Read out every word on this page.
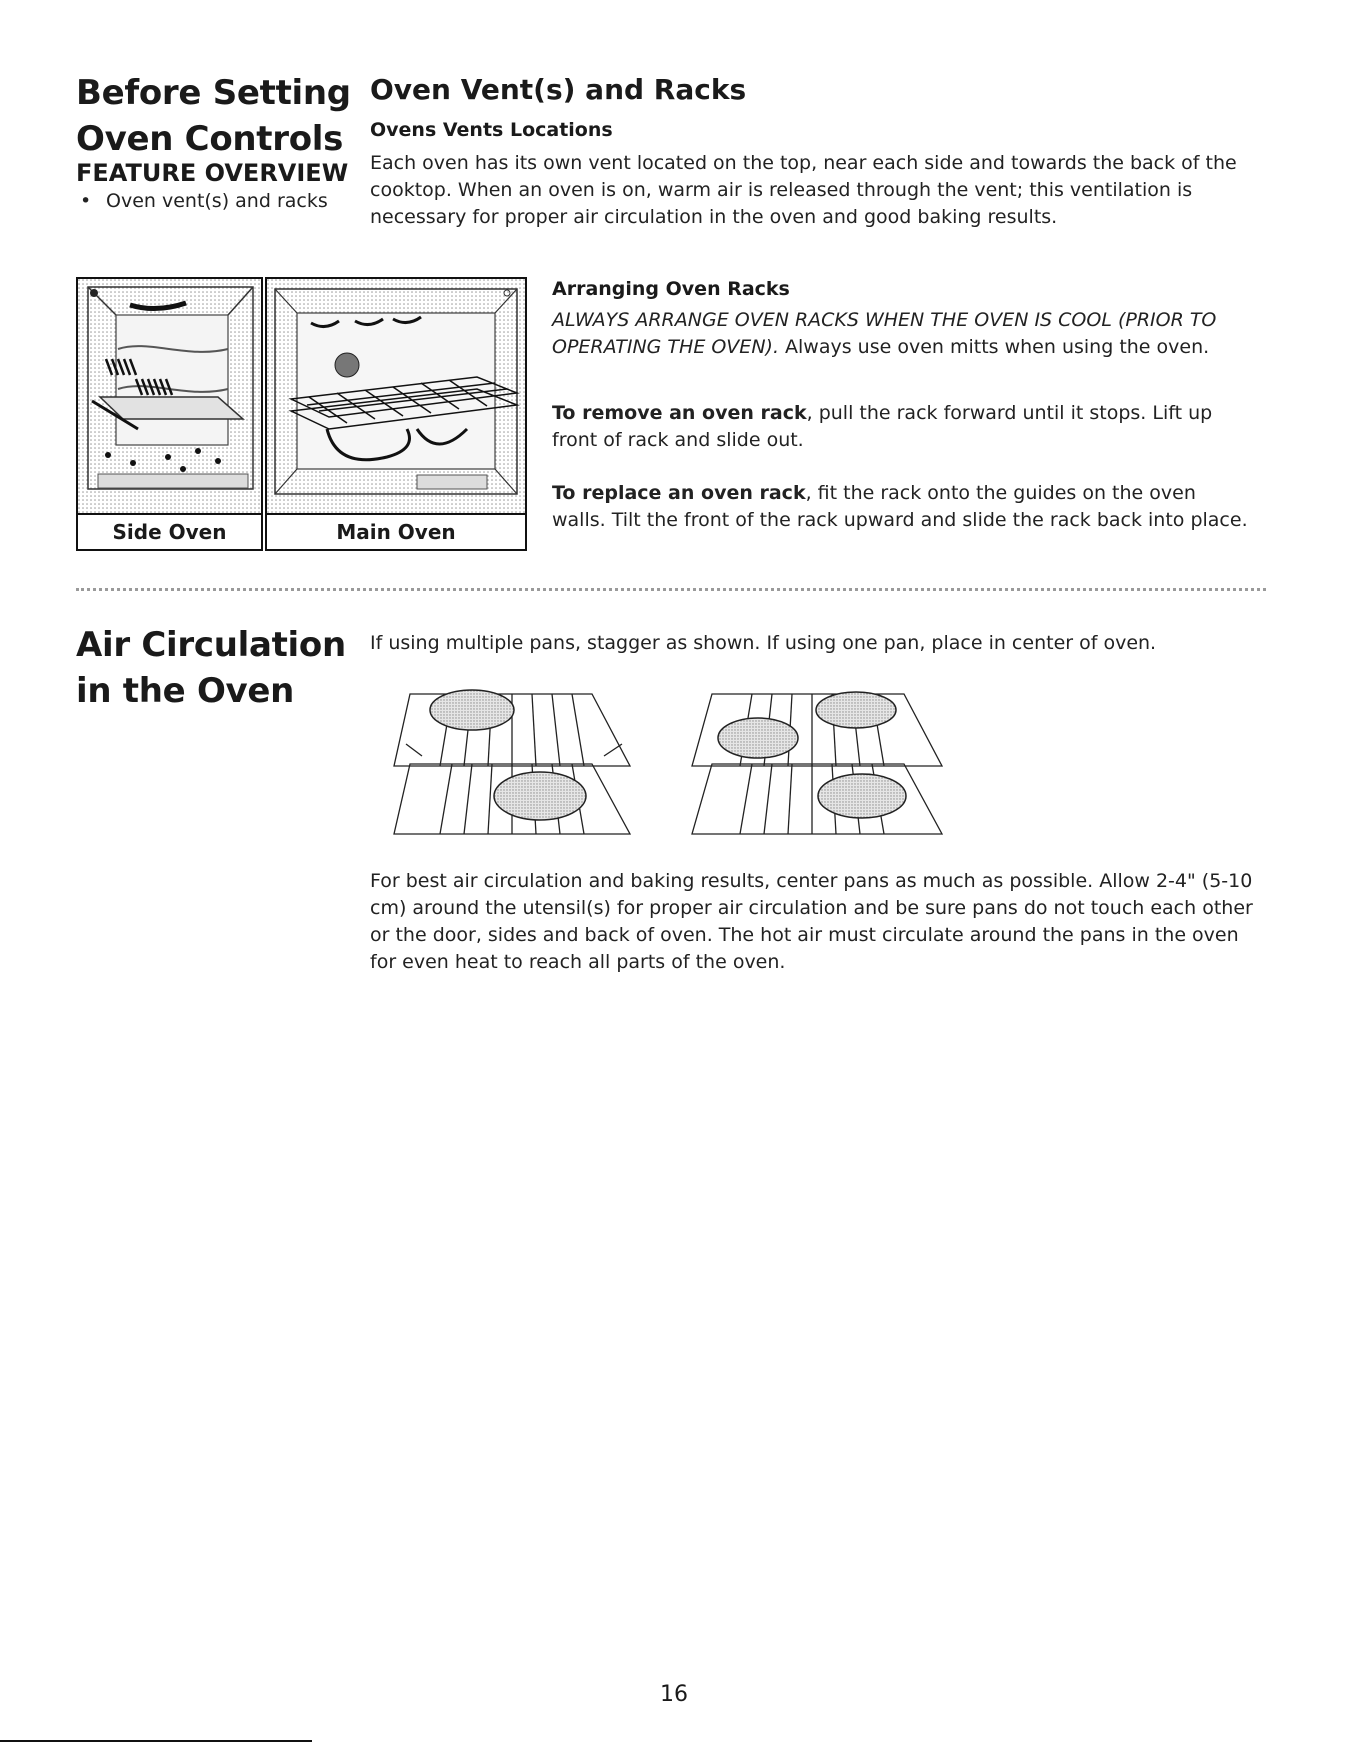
Before Setting
Oven Controls
FEATURE OVERVIEW
• Oven vent(s) and racks
Oven Vent(s) and Racks
Ovens Vents Locations

Each oven has its own vent located on the top, near each side and towards the back of the cooktop. When an oven is on, warm air is released through the vent; this ventilation is necessary for proper air circulation in the oven and good baking results.

Side Oven	Main Oven
Arranging Oven Racks

ALWAYS ARRANGE OVEN RACKS WHEN THE OVEN IS COOL (PRIOR TO OPERATING THE OVEN). Always use oven mitts when using the oven.

To remove an oven rack, pull the rack forward until it stops. Lift up front of rack and slide out.

To replace an oven rack, fit the rack onto the guides on the oven walls. Tilt the front of the rack upward and slide the rack back into place.

Air Circulation
in the Oven

If using multiple pans, stagger as shown. If using one pan, place in center of oven.

For best air circulation and baking results, center pans as much as possible. Allow 2-4" (5-10 cm) around the utensil(s) for proper air circulation and be sure pans do not touch each other or the door, sides and back of oven. The hot air must circulate around the pans in the oven for even heat to reach all parts of the oven.

16
